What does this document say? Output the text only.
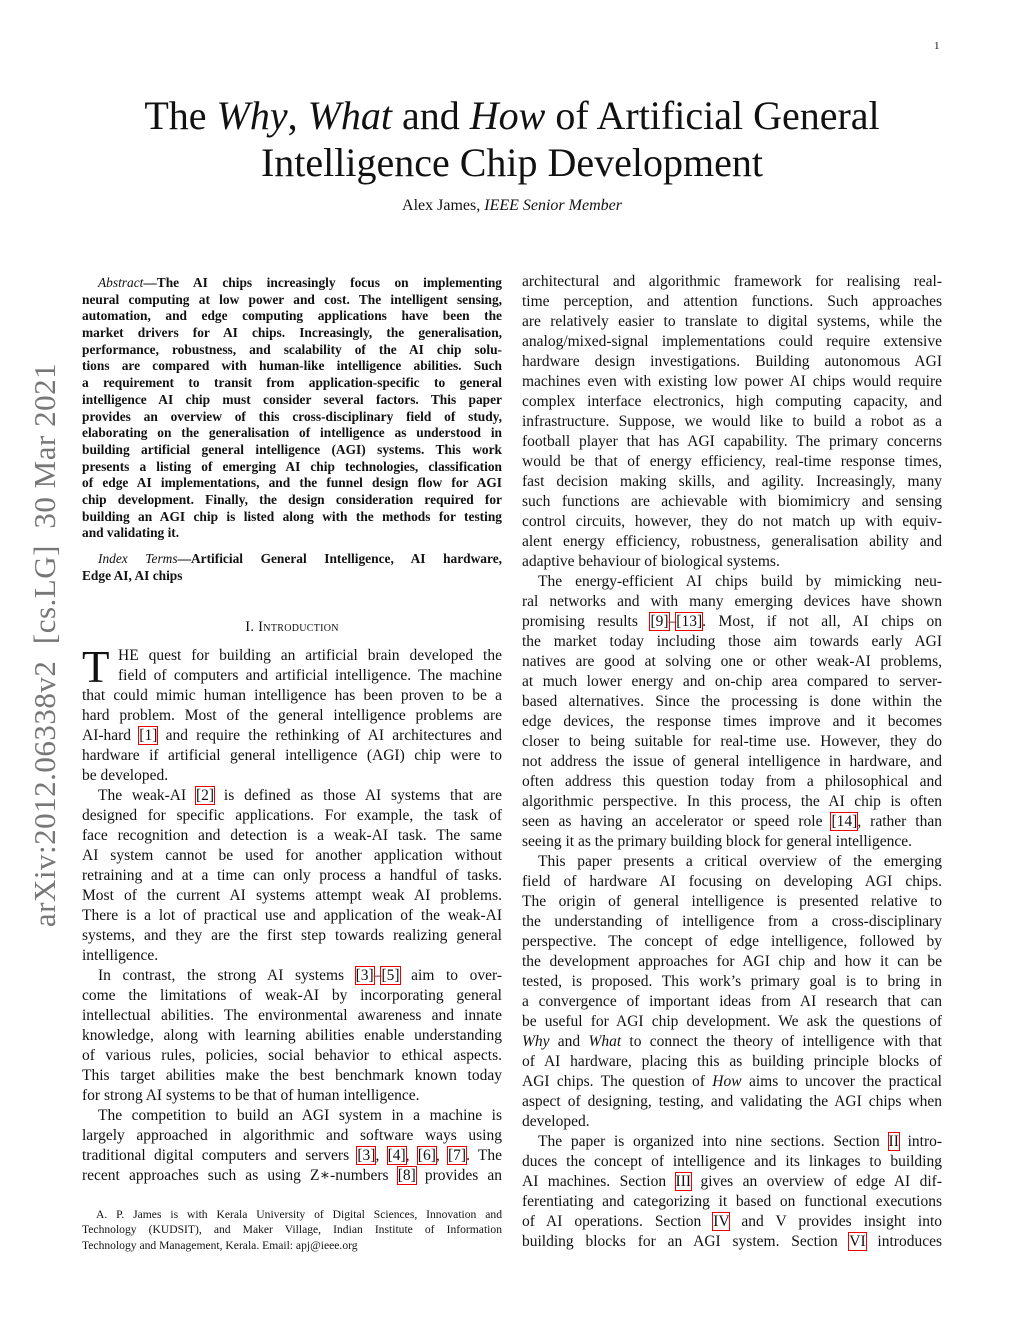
1
The Why, What and How of Artificial General
Intelligence Chip Development
Alex James, IEEE Senior Member
arXiv:2012.06338v2  [cs.LG]  30 Mar 2021
Abstract—The AI chips increasingly focus on implementing
neural computing at low power and cost. The intelligent sensing,
automation, and edge computing applications have been the
market drivers for AI chips. Increasingly, the generalisation,
performance, robustness, and scalability of the AI chip solu-
tions are compared with human-like intelligence abilities. Such
a requirement to transit from application-specific to general
intelligence AI chip must consider several factors. This paper
provides an overview of this cross-disciplinary field of study,
elaborating on the generalisation of intelligence as understood in
building artificial general intelligence (AGI) systems. This work
presents a listing of emerging AI chip technologies, classification
of edge AI implementations, and the funnel design flow for AGI
chip development. Finally, the design consideration required for
building an AGI chip is listed along with the methods for testing
and validating it.
Index Terms—Artificial General Intelligence, AI hardware,
Edge AI, AI chips
I. Introduction
T HE quest for building an artificial brain developed the
field of computers and artificial intelligence. The machine
that could mimic human intelligence has been proven to be a
hard problem. Most of the general intelligence problems are
AI-hard [1] and require the rethinking of AI architectures and
hardware if artificial general intelligence (AGI) chip were to
be developed.
The weak-AI [2] is defined as those AI systems that are
designed for specific applications. For example, the task of
face recognition and detection is a weak-AI task. The same
AI system cannot be used for another application without
retraining and at a time can only process a handful of tasks.
Most of the current AI systems attempt weak AI problems.
There is a lot of practical use and application of the weak-AI
systems, and they are the first step towards realizing general
intelligence.
In contrast, the strong AI systems [3]–[5] aim to over-
come the limitations of weak-AI by incorporating general
intellectual abilities. The environmental awareness and innate
knowledge, along with learning abilities enable understanding
of various rules, policies, social behavior to ethical aspects.
This target abilities make the best benchmark known today
for strong AI systems to be that of human intelligence.
The competition to build an AGI system in a machine is
largely approached in algorithmic and software ways using
traditional digital computers and servers [3], [4], [6], [7]. The
recent approaches such as using Z∗-numbers [8] provides an
architectural and algorithmic framework for realising real-
time perception, and attention functions. Such approaches
are relatively easier to translate to digital systems, while the
analog/mixed-signal implementations could require extensive
hardware design investigations. Building autonomous AGI
machines even with existing low power AI chips would require
complex interface electronics, high computing capacity, and
infrastructure. Suppose, we would like to build a robot as a
football player that has AGI capability. The primary concerns
would be that of energy efficiency, real-time response times,
fast decision making skills, and agility. Increasingly, many
such functions are achievable with biomimicry and sensing
control circuits, however, they do not match up with equiv-
alent energy efficiency, robustness, generalisation ability and
adaptive behaviour of biological systems.
The energy-efficient AI chips build by mimicking neu-
ral networks and with many emerging devices have shown
promising results [9]–[13]. Most, if not all, AI chips on
the market today including those aim towards early AGI
natives are good at solving one or other weak-AI problems,
at much lower energy and on-chip area compared to server-
based alternatives. Since the processing is done within the
edge devices, the response times improve and it becomes
closer to being suitable for real-time use. However, they do
not address the issue of general intelligence in hardware, and
often address this question today from a philosophical and
algorithmic perspective. In this process, the AI chip is often
seen as having an accelerator or speed role [14], rather than
seeing it as the primary building block for general intelligence.
This paper presents a critical overview of the emerging
field of hardware AI focusing on developing AGI chips.
The origin of general intelligence is presented relative to
the understanding of intelligence from a cross-disciplinary
perspective. The concept of edge intelligence, followed by
the development approaches for AGI chip and how it can be
tested, is proposed. This work’s primary goal is to bring in
a convergence of important ideas from AI research that can
be useful for AGI chip development. We ask the questions of
Why and What to connect the theory of intelligence with that
of AI hardware, placing this as building principle blocks of
AGI chips. The question of How aims to uncover the practical
aspect of designing, testing, and validating the AGI chips when
developed.
The paper is organized into nine sections. Section II intro-
duces the concept of intelligence and its linkages to building
AI machines. Section III gives an overview of edge AI dif-
ferentiating and categorizing it based on functional executions
of AI operations. Section IV and V provides insight into
building blocks for an AGI system. Section VI introduces
A. P. James is with Kerala University of Digital Sciences, Innovation and
Technology (KUDSIT), and Maker Village, Indian Institute of Information
Technology and Management, Kerala. Email: apj@ieee.org
